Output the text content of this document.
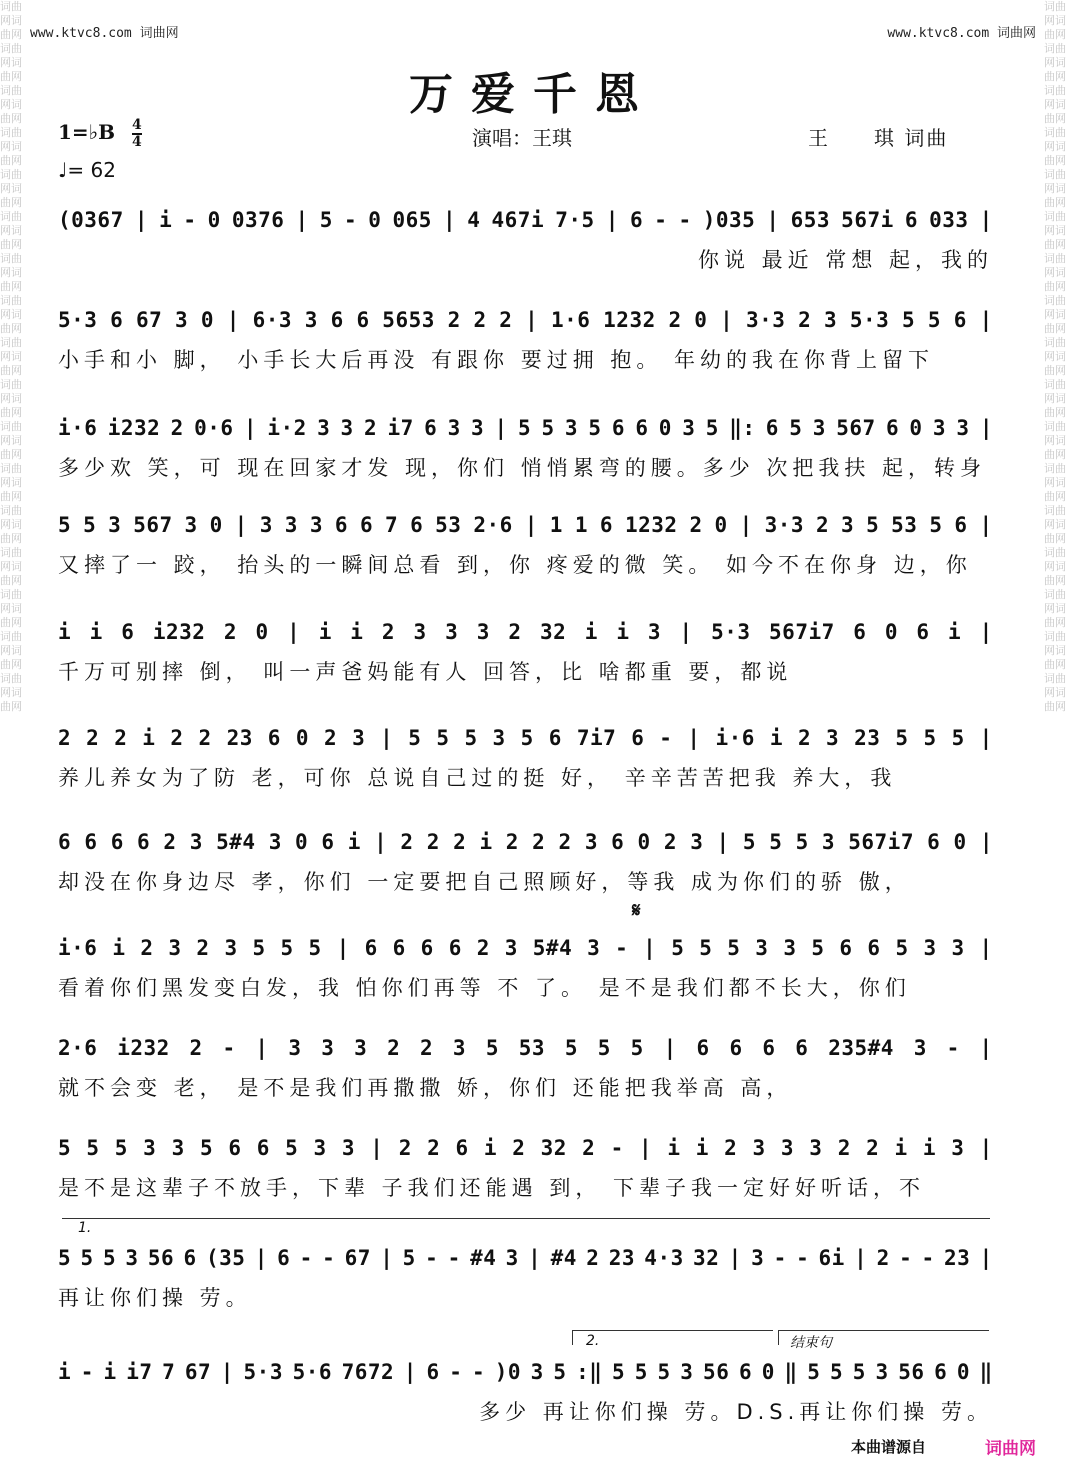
词曲网词曲网词曲网词曲网词曲网词曲网词曲网词曲网词曲网词曲网词曲网词曲网词曲网词曲网词曲网词曲网词曲网词曲网词曲网词曲网词曲网词曲网词曲网词曲网词曲网词曲网词曲网词曲网词曲网词曲网词曲网词曲网词曲网词曲网
词曲网词曲网词曲网词曲网词曲网词曲网词曲网词曲网词曲网词曲网词曲网词曲网词曲网词曲网词曲网词曲网词曲网词曲网词曲网词曲网词曲网词曲网词曲网词曲网词曲网词曲网词曲网词曲网词曲网词曲网词曲网词曲网词曲网词曲网
www.ktvc8.com 词曲网	www.ktvc8.com 词曲网
万爱千恩
1=♭B 4
4
♩= 62
演唱：王琪	王　　琪 词曲
𝄋
1.
2.	结束句
(0367 | i - 0 0376 | 5 - 0 065 | 4 467i 7·5 | 6 - - )035 | 653 567i 6 033 |
你说 最近 常想 起，我的
5·3 6 67 3 0 | 6·3 3 6 6 5653 2 2 2 | 1·6 1232 2 0 | 3·3 2 3 5·3 5 5 6 |
小手和小 脚， 小手长大后再没 有跟你 要过拥 抱。 年幼的我在你背上留下
i·6 i232 2 0·6 | i·2 3 3 2 i7 6 3 3 | 5 5 3 5 6 6 0 3 5 ‖: 6 5 3 567 6 0 3 3 |
多少欢 笑，可 现在回家才发 现，你们 悄悄累弯的腰。多少 次把我扶 起，转身
5 5 3 567 3 0 | 3 3 3 6 6 7 6 53 2·6 | 1 1 6 1232 2 0 | 3·3 2 3 5 53 5 6 |
又摔了一 跤， 抬头的一瞬间总看 到，你 疼爱的微 笑。 如今不在你身 边，你
i i 6 i232 2 0 | i i 2 3 3 3 2 32 i i 3 | 5·3 567i7 6 0 6 i |
千万可别摔 倒， 叫一声爸妈能有人 回答，比 啥都重 要，都说
2 2 2 i 2 2 23 6 0 2 3 | 5 5 5 3 5 6 7i7 6 - | i·6 i 2 3 23 5 5 5 |
养儿养女为了防 老，可你 总说自己过的挺 好， 辛辛苦苦把我 养大，我
6 6 6 6 2 3 5#4 3 0 6 i | 2 2 2 i 2 2 2 3 6 0 2 3 | 5 5 5 3 567i7 6 0 |
却没在你身边尽 孝，你们 一定要把自己照顾好，等我 成为你们的骄 傲，
i·6 i 2 3 2 3 5 5 5 | 6 6 6 6 2 3 5#4 3 - | 5 5 5 3 3 5 6 6 5 3 3 |
看着你们黑发变白发，我 怕你们再等 不 了。 是不是我们都不长大，你们
2·6 i232 2 - | 3 3 3 2 2 3 5 53 5 5 5 | 6 6 6 6 235#4 3 - |
就不会变 老， 是不是我们再撒撒 娇，你们 还能把我举高 高，
5 5 5 3 3 5 6 6 5 3 3 | 2 2 6 i 2 32 2 - | i i 2 3 3 3 2 2 i i 3 |
是不是这辈子不放手，下辈 子我们还能遇 到， 下辈子我一定好好听话，不
5 5 5 3 56 6 (35 | 6 - - 67 | 5 - - #4 3 | #4 2 23 4·3 32 | 3 - - 6i | 2 - - 23 |
再让你们操 劳。
i - i i7 7 67 | 5·3 5·6 7672 | 6 - - )0 3 5 :‖ 5 5 5 3 56 6 0 ‖ 5 5 5 3 56 6 0 ‖
多少 再让你们操 劳。D.S.再让你们操 劳。
本曲谱源自	词曲网
